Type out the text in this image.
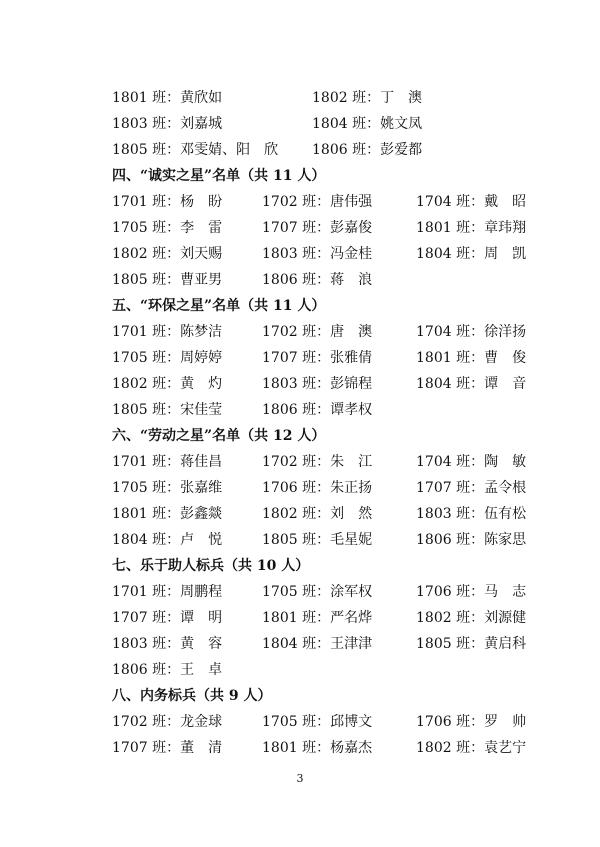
1801 班：黄欣如	1802 班：丁　澳
1803 班：刘嘉城	1804 班：姚文凤
1805 班：邓雯婧、阳　欣 1806 班：彭爱都
四、“诚实之星”名单（共 11 人）
1701 班：杨　盼	1702 班：唐伟强	1704 班：戴　昭
1705 班：李　雷	1707 班：彭嘉俊	1801 班：章玮翔
1802 班：刘天赐	1803 班：冯金桂	1804 班：周　凯
1805 班：曹亚男	1806 班：蒋　浪
五、“环保之星”名单（共 11 人）
1701 班：陈梦洁	1702 班：唐　澳	1704 班：徐洋扬
1705 班：周婷婷	1707 班：张雅倩	1801 班：曹　俊
1802 班：黄　灼	1803 班：彭锦程	1804 班：谭　音
1805 班：宋佳莹	1806 班：谭孝权
六、“劳动之星”名单（共 12 人）
1701 班：蒋佳昌	1702 班：朱　江	1704 班：陶　敏
1705 班：张嘉维	1706 班：朱正扬	1707 班：孟令根
1801 班：彭鑫燚	1802 班：刘　然	1803 班：伍有松
1804 班：卢　悦	1805 班：毛星妮	1806 班：陈家思
七、乐于助人标兵（共 10 人）
1701 班：周鹏程	1705 班：涂军权	1706 班：马　志
1707 班：谭　明	1801 班：严名烨	1802 班：刘源健
1803 班：黄　容	1804 班：王津津	1805 班：黄启科
1806 班：王　卓
八、内务标兵（共 9 人）
1702 班：龙金球	1705 班：邱博文	1706 班：罗　帅
1707 班：董　清	1801 班：杨嘉杰	1802 班：袁艺宁
3
